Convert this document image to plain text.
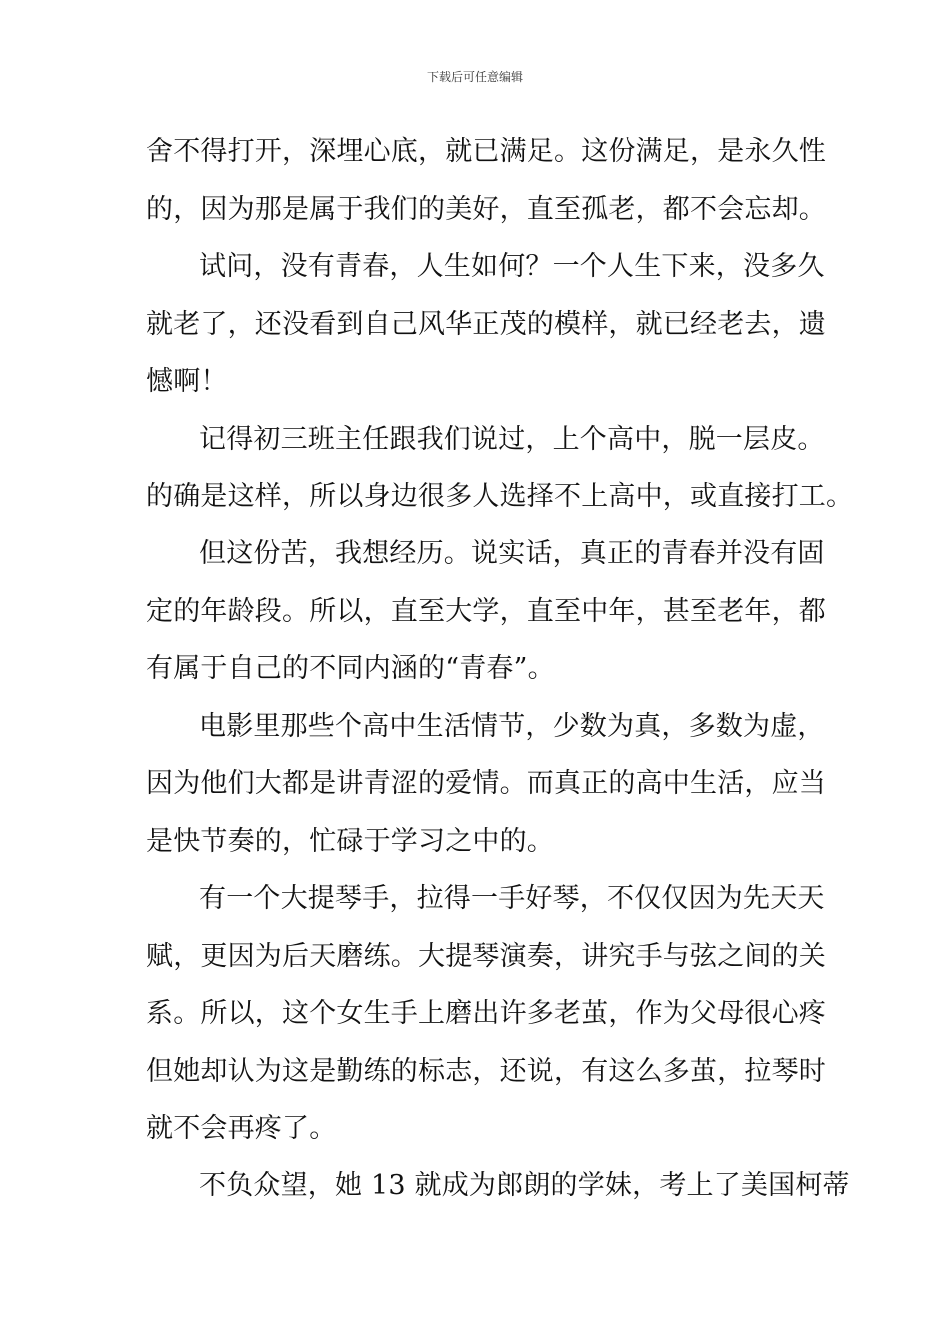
下载后可任意编辑
舍不得打开，深埋心底，就已满足。这份满足，是永久性
的，因为那是属于我们的美好，直至孤老，都不会忘却。
试问，没有青春，人生如何？一个人生下来，没多久
就老了，还没看到自己风华正茂的模样，就已经老去，遗
憾啊！
记得初三班主任跟我们说过，上个高中，脱一层皮。
的确是这样，所以身边很多人选择不上高中，或直接打工。
但这份苦，我想经历。说实话，真正的青春并没有固
定的年龄段。所以，直至大学，直至中年，甚至老年，都
有属于自己的不同内涵的“青春”。
电影里那些个高中生活情节，少数为真，多数为虚，
因为他们大都是讲青涩的爱情。而真正的高中生活，应当
是快节奏的，忙碌于学习之中的。
有一个大提琴手，拉得一手好琴，不仅仅因为先天天
赋，更因为后天磨练。大提琴演奏，讲究手与弦之间的关
系。所以，这个女生手上磨出许多老茧，作为父母很心疼
但她却认为这是勤练的标志，还说，有这么多茧，拉琴时
就不会再疼了。
不负众望，她 13 就成为郎朗的学妹，考上了美国柯蒂
